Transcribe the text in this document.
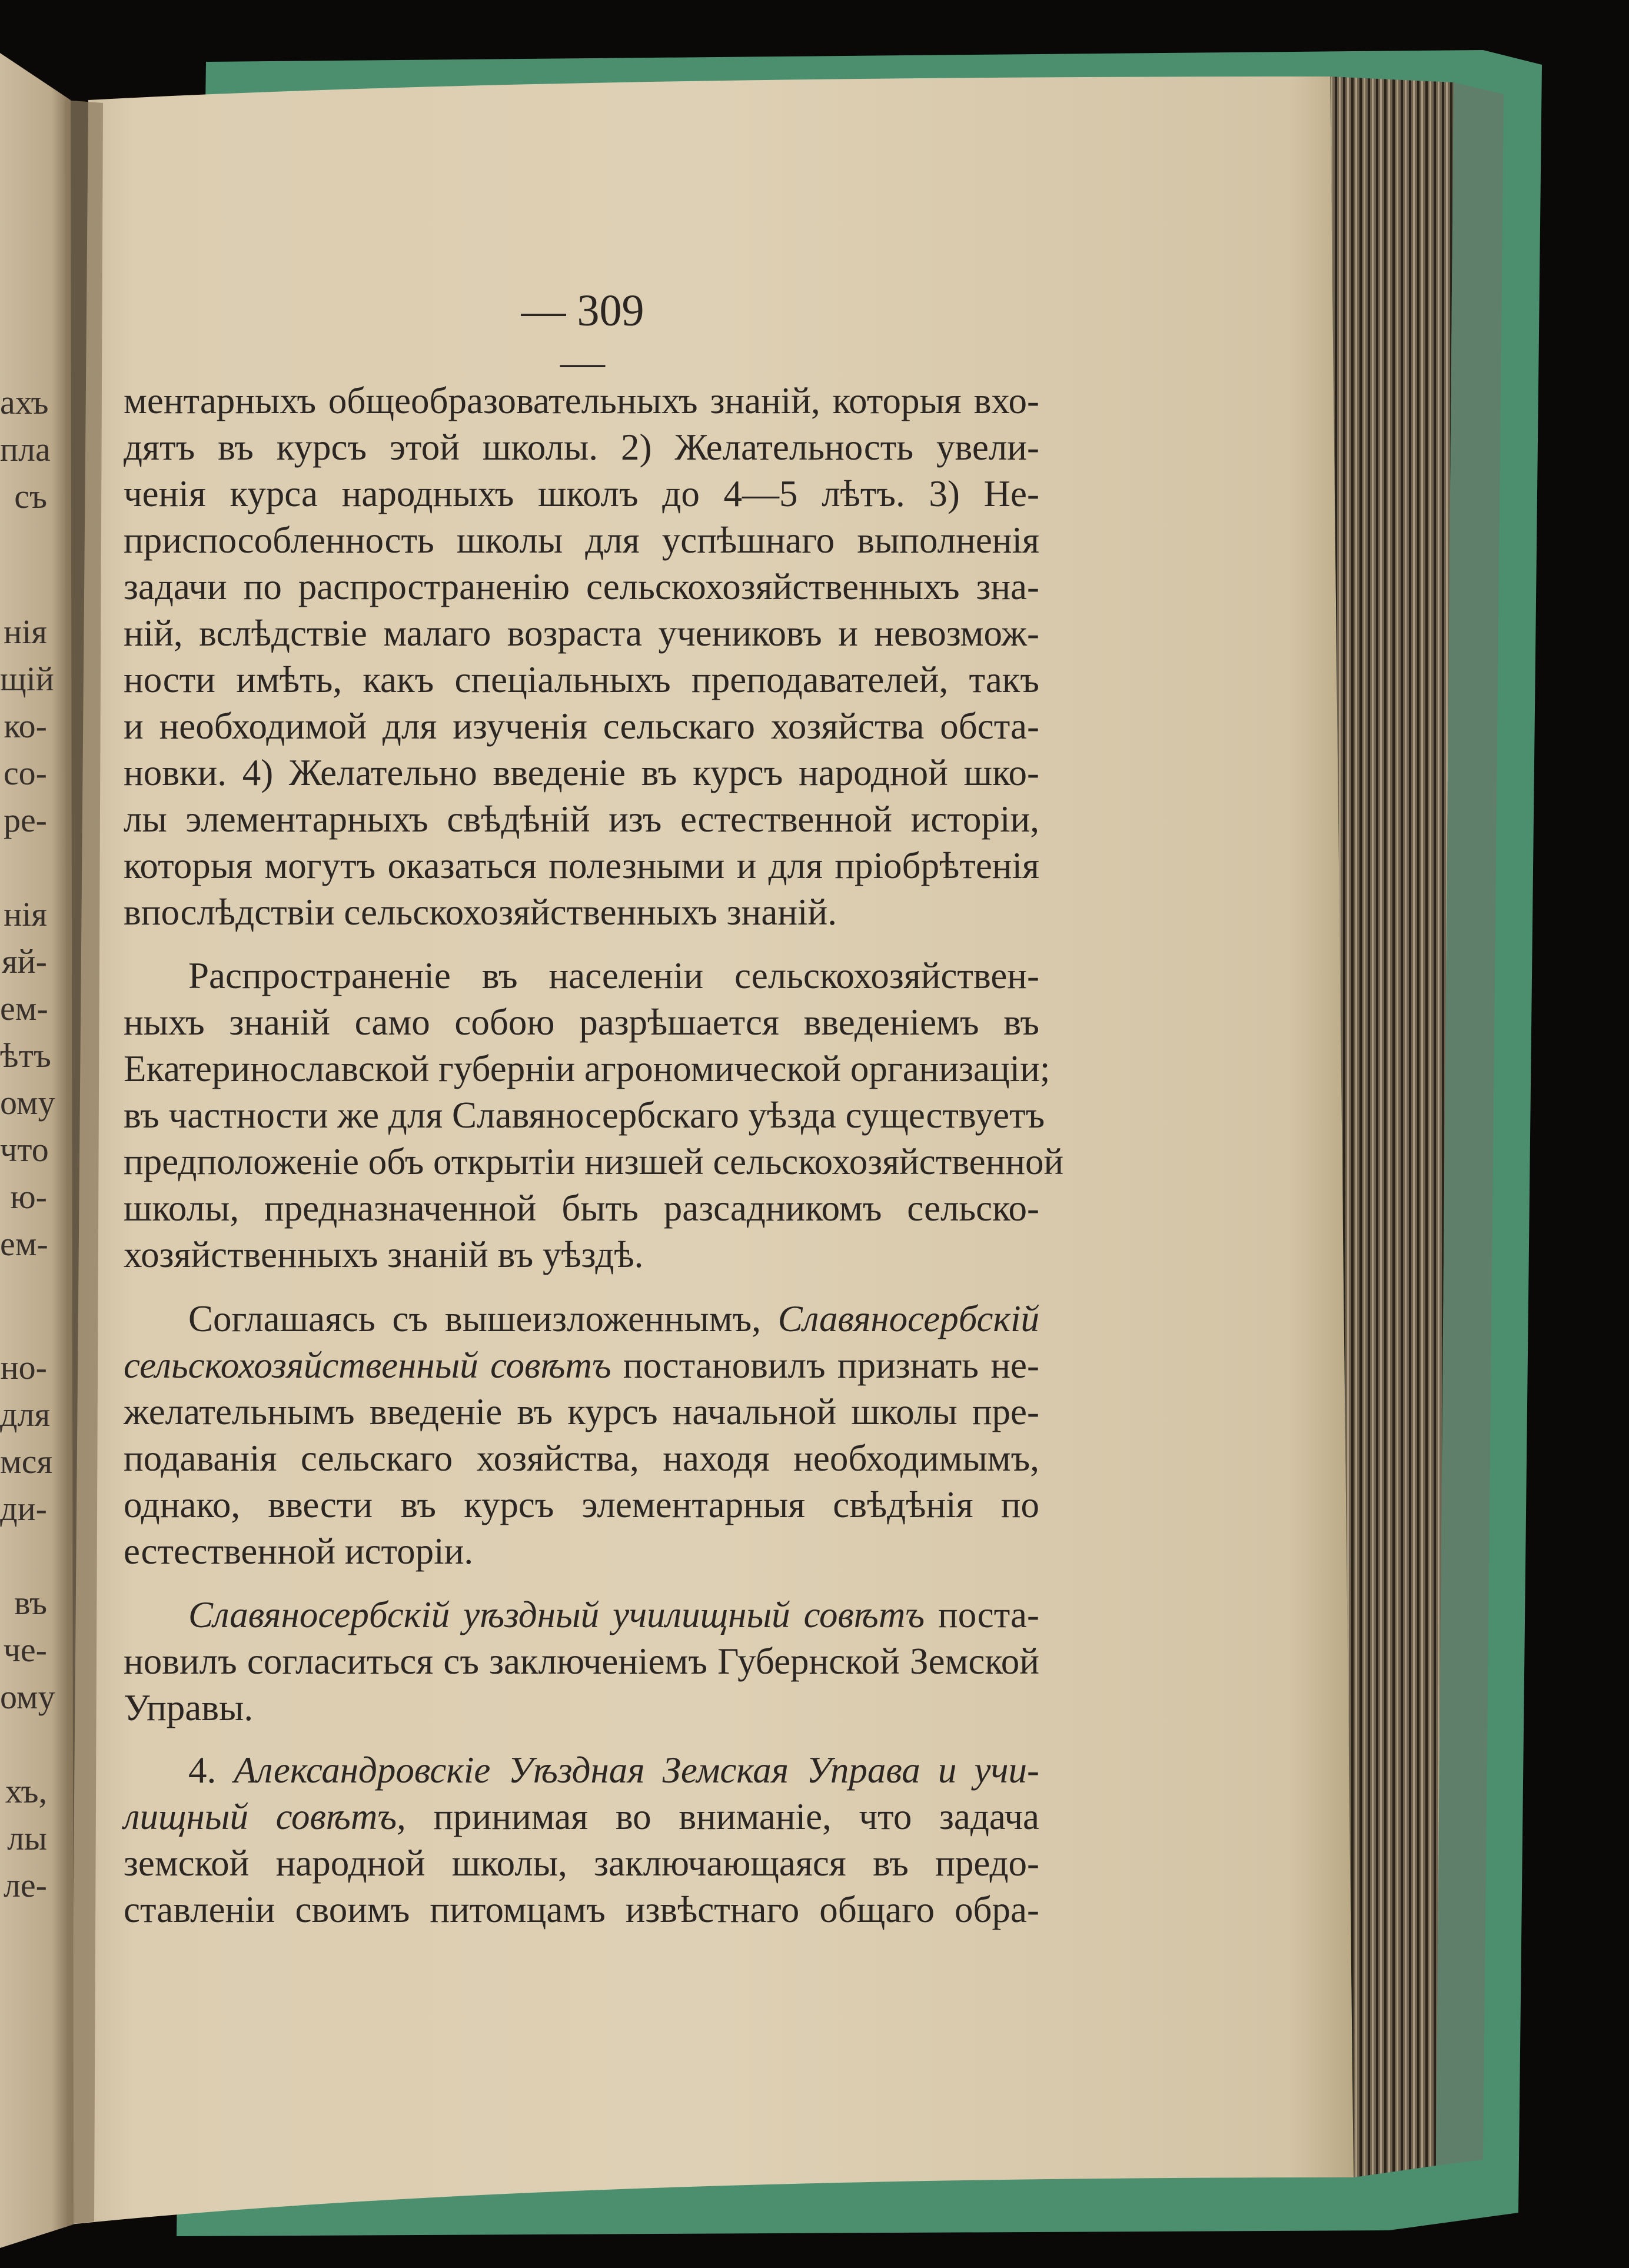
ахъ
пла
съ
нія
щій
ко-
со-
ре-
нія
яй-
ем-
ѣтъ
ому
что
ю-
ем-
но-
для
мся
ди-
въ
че-
ому
хъ,
лы
ле-
— 309 —
ментарныхъ общеобразовательныхъ знаній, которыя вхо-
дятъ въ курсъ этой школы. 2) Желательность увели-
ченія курса народныхъ школъ до 4—5 лѣтъ. 3) Не-
приспособленность школы для успѣшнаго выполненія
задачи по распространенію сельскохозяйственныхъ зна-
ній, вслѣдствіе малаго возраста учениковъ и невозмож-
ности имѣть, какъ спеціальныхъ преподавателей, такъ
и необходимой для изученія сельскаго хозяйства обста-
новки. 4) Желательно введеніе въ курсъ народной шко-
лы элементарныхъ свѣдѣній изъ естественной исторіи,
которыя могутъ оказаться полезными и для пріобрѣтенія
впослѣдствіи сельскохозяйственныхъ знаній.
Распространеніе въ населеніи сельскохозяйствен-
ныхъ знаній само собою разрѣшается введеніемъ въ
Екатеринославской губерніи агрономической организаціи;
въ частности же для Славяносербскаго уѣзда существуетъ
предположеніе объ открытіи низшей сельскохозяйственной
школы, предназначенной быть разсадникомъ сельско-
хозяйственныхъ знаній въ уѣздѣ.
Соглашаясь съ вышеизложеннымъ, Славяносербскій
сельскохозяйственный совѣтъ постановилъ признать не-
желательнымъ введеніе въ курсъ начальной школы пре-
подаванія сельскаго хозяйства, находя необходимымъ,
однако, ввести въ курсъ элементарныя свѣдѣнія по
естественной исторіи.
Славяносербскій уѣздный училищный совѣтъ поста-
новилъ согласиться съ заключеніемъ Губернской Земской
Управы.
4. Александровскіе Уѣздная Земская Управа и учи-
лищный совѣтъ, принимая во вниманіе, что задача
земской народной школы, заключающаяся въ предо-
ставленіи своимъ питомцамъ извѣстнаго общаго обра-
